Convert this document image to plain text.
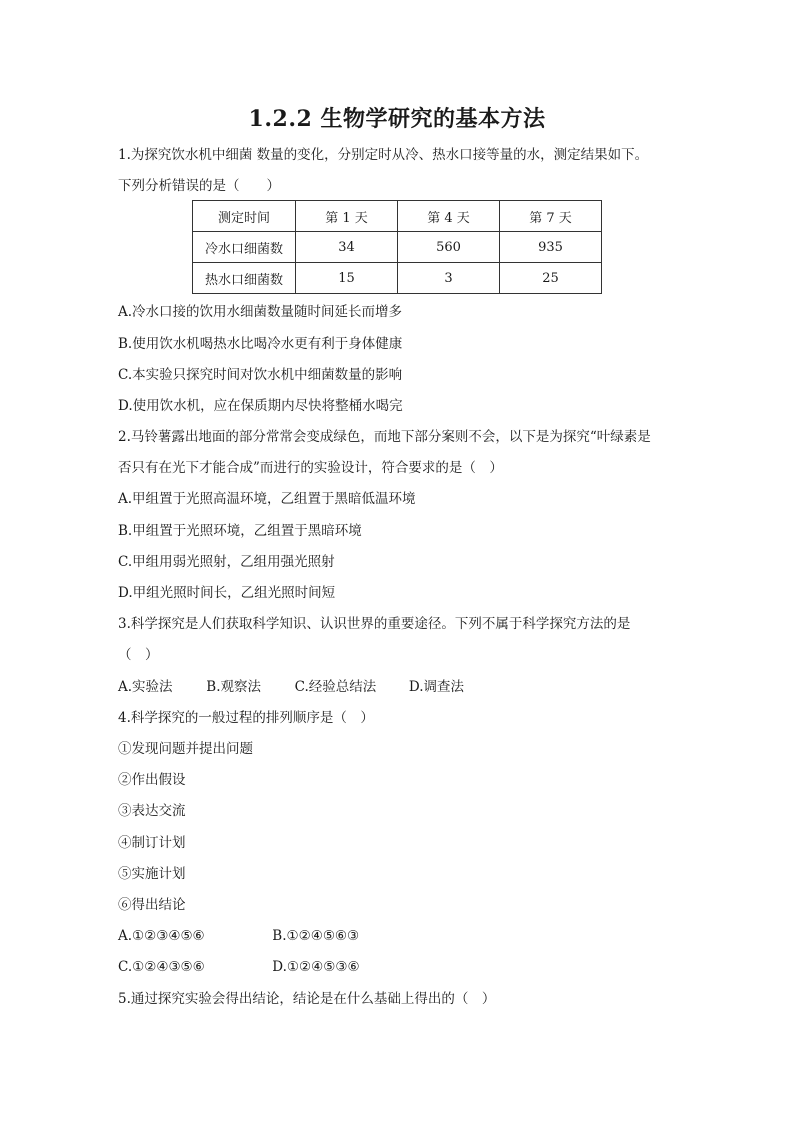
1.2.2 生物学研究的基本方法
1.为探究饮水机中细菌 数量的变化，分别定时从冷、热水口接等量的水，测定结果如下。
下列分析错误的是（　　）
测定时间	第 1 天	第 4 天	第 7 天
冷水口细菌数	34	560	935
热水口细菌数	15	3	25
A.冷水口接的饮用水细菌数量随时间延长而增多
B.使用饮水机喝热水比喝冷水更有利于身体健康
C.本实验只探究时间对饮水机中细菌数量的影响
D.使用饮水机，应在保质期内尽快将整桶水喝完
2.马铃薯露出地面的部分常常会变成绿色，而地下部分案则不会，以下是为探究“叶绿素是
否只有在光下才能合成”而进行的实验设计，符合要求的是（　）
A.甲组置于光照高温环境，乙组置于黑暗低温环境
B.甲组置于光照环境，乙组置于黑暗环境
C.甲组用弱光照射，乙组用强光照射
D.甲组光照时间长，乙组光照时间短
3.科学探究是人们获取科学知识、认识世界的重要途径。下列不属于科学探究方法的是
（　）
A.实验法	B.观察法 C.经验总结法 D.调查法
4.科学探究的一般过程的排列顺序是（　）
①发现问题并提出问题
②作出假设
③表达交流
④制订计划
⑤实施计划
⑥得出结论
A.①②③④⑤⑥	B.①②④⑤⑥③
C.①②④③⑤⑥	D.①②④⑤③⑥
5.通过探究实验会得出结论，结论是在什么基础上得出的（　）
